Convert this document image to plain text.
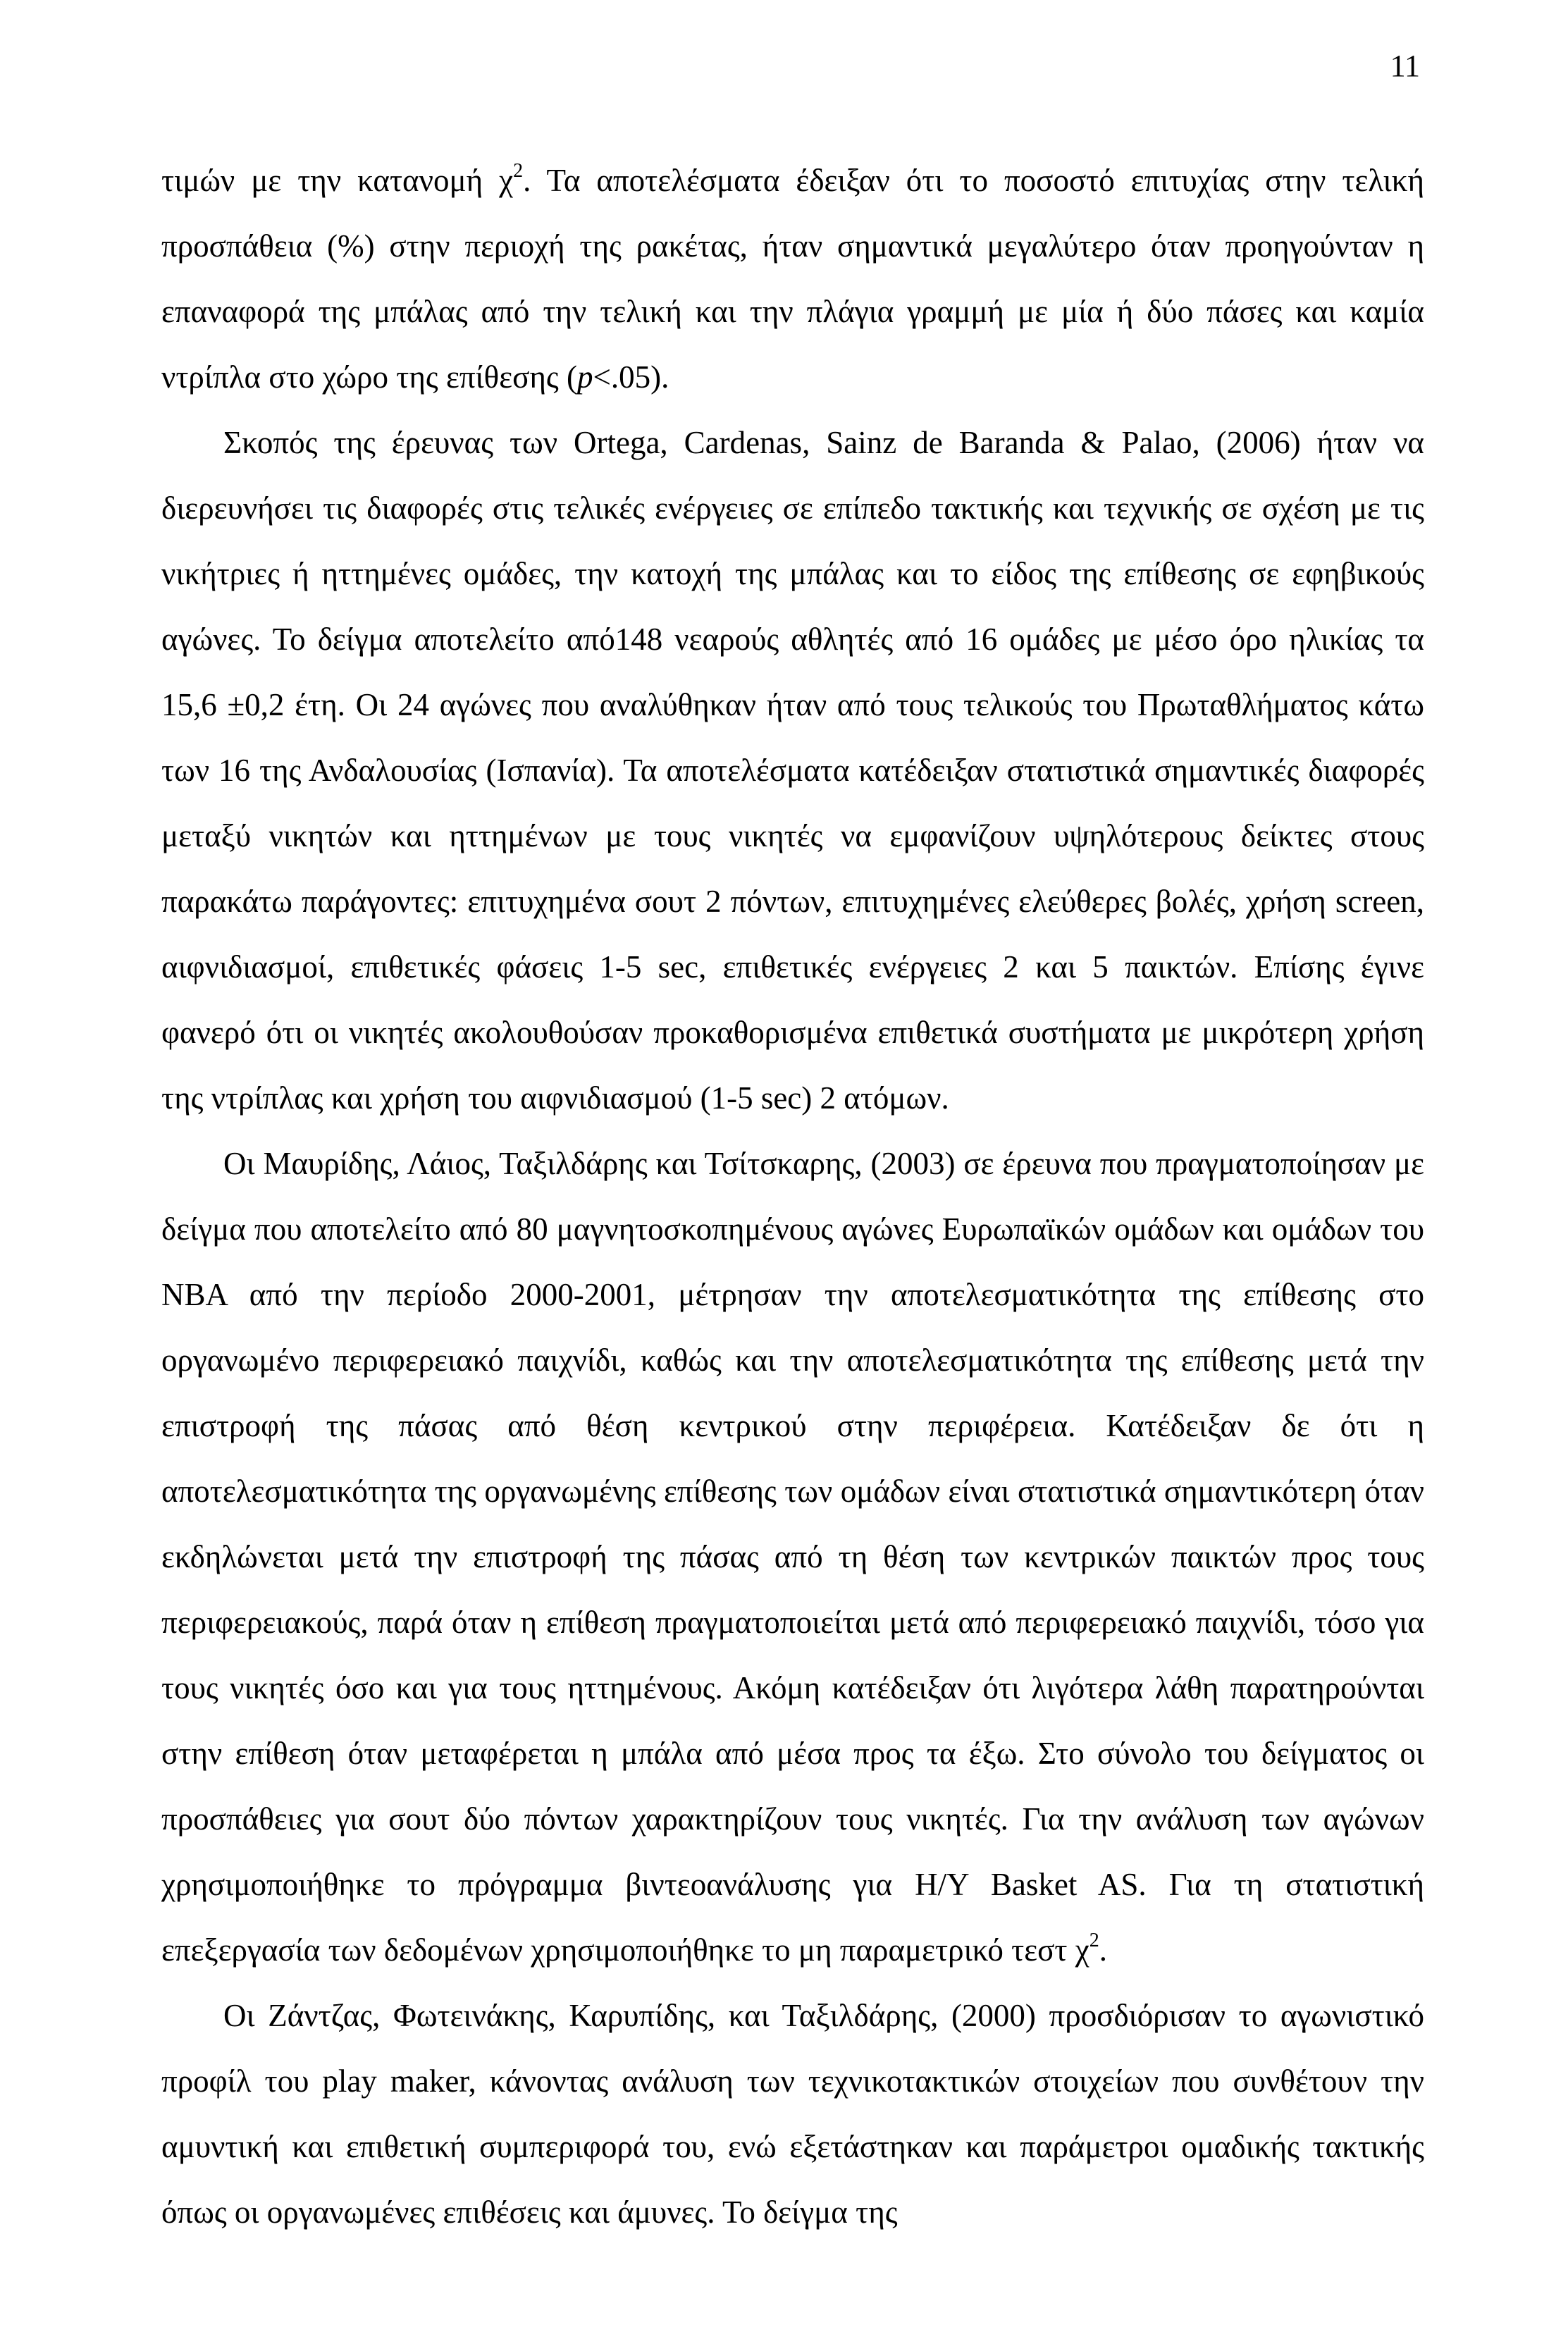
11

τιμών με την κατανομή $\chi^2$. Τα αποτελέσματα έδειξαν ότι το ποσοστό επιτυχίας στην τελική προσπάθεια (%) στην περιοχή της ρακέτας, ήταν σημαντικά μεγαλύτερο όταν προηγούνταν η επαναφορά της μπάλας από την τελική και την πλάγια γραμμή με μία ή δύο πάσες και καμία ντρίπλα στο χώρο της επίθεσης (p<.05).

Σκοπός της έρευνας των Ortega, Cardenas, Sainz de Baranda & Palao, (2006) ήταν να διερευνήσει τις διαφορές στις τελικές ενέργειες σε επίπεδο τακτικής και τεχνικής σε σχέση με τις νικήτριες ή ηττημένες ομάδες, την κατοχή της μπάλας και το είδος της επίθεσης σε εφηβικούς αγώνες. Το δείγμα αποτελείτο από148 νεαρούς αθλητές από 16 ομάδες με μέσο όρο ηλικίας τα 15,6 ±0,2 έτη. Οι 24 αγώνες που αναλύθηκαν ήταν από τους τελικούς του Πρωταθλήματος κάτω των 16 της Ανδαλουσίας (Ισπανία). Τα αποτελέσματα κατέδειξαν στατιστικά σημαντικές διαφορές μεταξύ νικητών και ηττημένων με τους νικητές να εμφανίζουν υψηλότερους δείκτες στους παρακάτω παράγοντες: επιτυχημένα σουτ 2 πόντων, επιτυχημένες ελεύθερες βολές, χρήση screen, αιφνιδιασμοί, επιθετικές φάσεις 1-5 sec, επιθετικές ενέργειες 2 και 5 παικτών. Επίσης έγινε φανερό ότι οι νικητές ακολουθούσαν προκαθορισμένα επιθετικά συστήματα με μικρότερη χρήση της ντρίπλας και χρήση του αιφνιδιασμού (1-5 sec) 2 ατόμων.

Οι Μαυρίδης, Λάιος, Ταξιλδάρης και Τσίτσκαρης, (2003) σε έρευνα που πραγματοποίησαν με δείγμα που αποτελείτο από 80 μαγνητοσκοπημένους αγώνες Ευρωπαϊκών ομάδων και ομάδων του NBA από την περίοδο 2000-2001, μέτρησαν την αποτελεσματικότητα της επίθεσης στο οργανωμένο περιφερειακό παιχνίδι, καθώς και την αποτελεσματικότητα της επίθεσης μετά την επιστροφή της πάσας από θέση κεντρικού στην περιφέρεια. Κατέδειξαν δε ότι η αποτελεσματικότητα της οργανωμένης επίθεσης των ομάδων είναι στατιστικά σημαντικότερη όταν εκδηλώνεται μετά την επιστροφή της πάσας από τη θέση των κεντρικών παικτών προς τους περιφερειακούς, παρά όταν η επίθεση πραγματοποιείται μετά από περιφερειακό παιχνίδι, τόσο για τους νικητές όσο και για τους ηττημένους. Ακόμη κατέδειξαν ότι λιγότερα λάθη παρατηρούνται στην επίθεση όταν μεταφέρεται η μπάλα από μέσα προς τα έξω. Στο σύνολο του δείγματος οι προσπάθειες για σουτ δύο πόντων χαρακτηρίζουν τους νικητές. Για την ανάλυση των αγώνων χρησιμοποιήθηκε το πρόγραμμα βιντεοανάλυσης για Η/Υ Basket AS. Για τη στατιστική επεξεργασία των δεδομένων χρησιμοποιήθηκε το μη παραμετρικό τεστ $\chi^2$.

Οι Ζάντζας, Φωτεινάκης, Καρυπίδης, και Ταξιλδάρης, (2000) προσδιόρισαν το αγωνιστικό προφίλ του play maker, κάνοντας ανάλυση των τεχνικοτακτικών στοιχείων που συνθέτουν την αμυντική και επιθετική συμπεριφορά του, ενώ εξετάστηκαν και παράμετροι ομαδικής τακτικής όπως οι οργανωμένες επιθέσεις και άμυνες. Το δείγμα της
